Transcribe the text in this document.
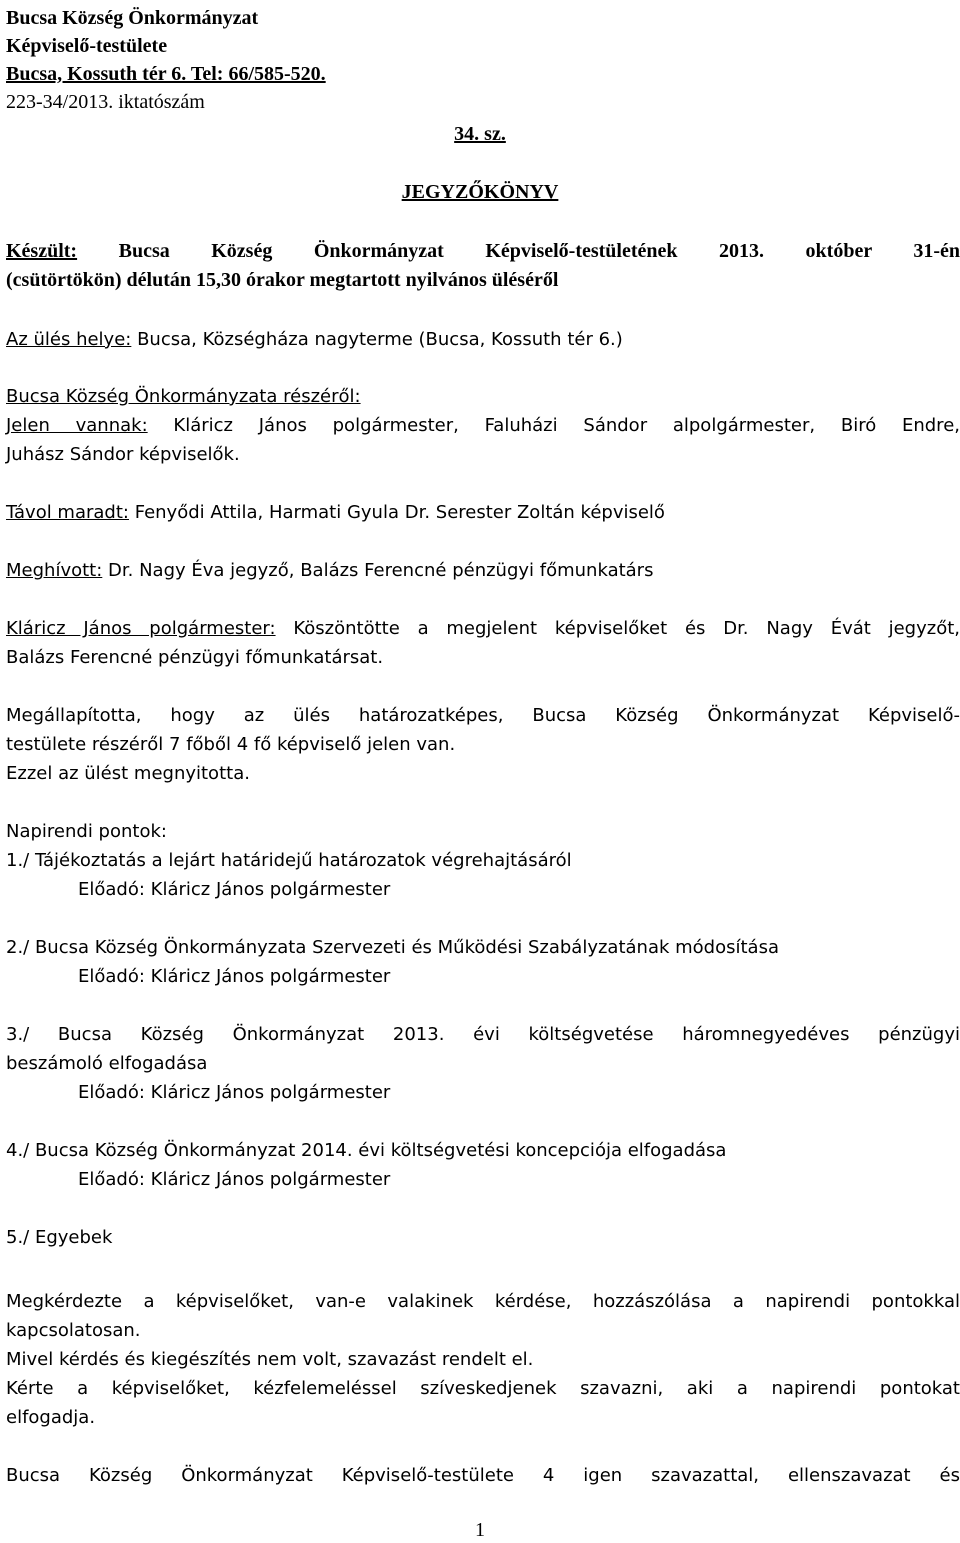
Bucsa Község Önkormányzat
Képviselő-testülete
Bucsa, Kossuth tér 6. Tel: 66/585-520.
223-34/2013. iktatószám
34. sz.
JEGYZŐKÖNYV
Készült: Bucsa Község Önkormányzat Képviselő-testületének 2013. október 31-én
(csütörtökön) délután 15,30 órakor megtartott nyilvános üléséről
Az ülés helye: Bucsa, Községháza nagyterme (Bucsa, Kossuth tér 6.)
Bucsa Község Önkormányzata részéről:
Jelen vannak: Kláricz János polgármester, Faluházi Sándor alpolgármester, Biró Endre,
Juhász Sándor képviselők.
Távol maradt: Fenyődi Attila, Harmati Gyula Dr. Serester Zoltán képviselő
Meghívott: Dr. Nagy Éva jegyző, Balázs Ferencné pénzügyi főmunkatárs
Kláricz János polgármester: Köszöntötte a megjelent képviselőket és Dr. Nagy Évát jegyzőt,
Balázs Ferencné pénzügyi főmunkatársat.
Megállapította, hogy az ülés határozatképes, Bucsa Község Önkormányzat Képviselő-
testülete részéről 7 főből 4 fő képviselő jelen van.
Ezzel az ülést megnyitotta.
Napirendi pontok:
1./ Tájékoztatás a lejárt határidejű határozatok végrehajtásáról
Előadó: Kláricz János polgármester
2./ Bucsa Község Önkormányzata Szervezeti és Működési Szabályzatának módosítása
Előadó: Kláricz János polgármester
3./ Bucsa Község Önkormányzat 2013. évi költségvetése háromnegyedéves pénzügyi
beszámoló elfogadása
Előadó: Kláricz János polgármester
4./ Bucsa Község Önkormányzat 2014. évi költségvetési koncepciója elfogadása
Előadó: Kláricz János polgármester
5./ Egyebek
Megkérdezte a képviselőket, van-e valakinek kérdése, hozzászólása a napirendi pontokkal
kapcsolatosan.
Mivel kérdés és kiegészítés nem volt, szavazást rendelt el.
Kérte a képviselőket, kézfelemeléssel szíveskedjenek szavazni, aki a napirendi pontokat
elfogadja.
Bucsa Község Önkormányzat Képviselő-testülete 4 igen szavazattal, ellenszavazat és
1
